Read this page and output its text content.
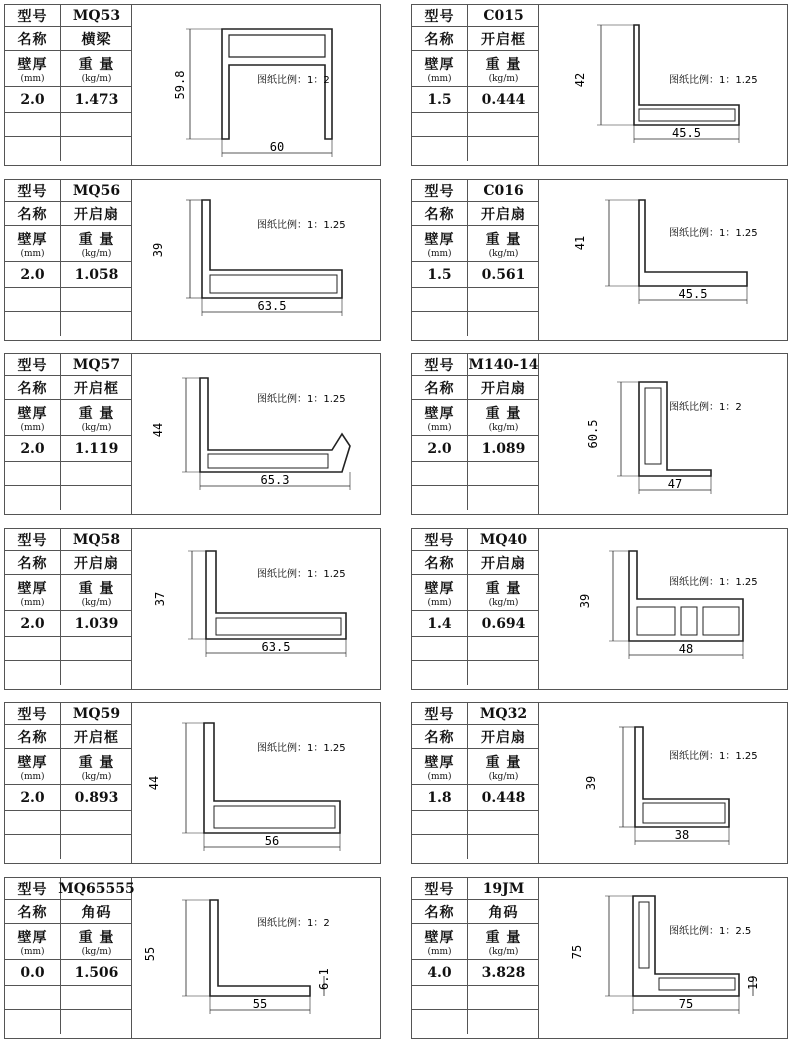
型号 MQ53
名称 横梁
壁厚
(mm)
重 量
(kg/m)
2.0 1.473
59.8
60
图纸比例：1：2
型号 C015
名称 开启框
壁厚
(mm)
重 量
(kg/m)
1.5 0.444
42
45.5
图纸比例：1：1.25
型号 MQ56
名称 开启扇
壁厚
(mm)
重 量
(kg/m)
2.0 1.058
39
63.5
图纸比例：1：1.25
型号 C016
名称 开启扇
壁厚
(mm)
重 量
(kg/m)
1.5 0.561
41
45.5
图纸比例：1：1.25
型号 MQ57
名称 开启框
壁厚
(mm)
重 量
(kg/m)
2.0 1.119
44
65.3
图纸比例：1：1.25
型号 M140-14
名称 开启扇
壁厚
(mm)
重 量
(kg/m)
2.0 1.089
60.5
47
图纸比例：1：2
型号 MQ58
名称 开启扇
壁厚
(mm)
重 量
(kg/m)
2.0 1.039
37
63.5
图纸比例：1：1.25
型号 MQ40
名称 开启扇
壁厚
(mm)
重 量
(kg/m)
1.4 0.694
39
48
图纸比例：1：1.25
型号 MQ59
名称 开启框
壁厚
(mm)
重 量
(kg/m)
2.0 0.893
44
56
图纸比例：1：1.25
型号 MQ32
名称 开启扇
壁厚
(mm)
重 量
(kg/m)
1.8 0.448
39
38
图纸比例：1：1.25
型号 MQ65555
名称 角码
壁厚
(mm)
重 量
(kg/m)
0.0 1.506
55
55
6.1
图纸比例：1：2
型号 19JM
名称 角码
壁厚
(mm)
重 量
(kg/m)
4.0 3.828
75
75
19
图纸比例：1：2.5
